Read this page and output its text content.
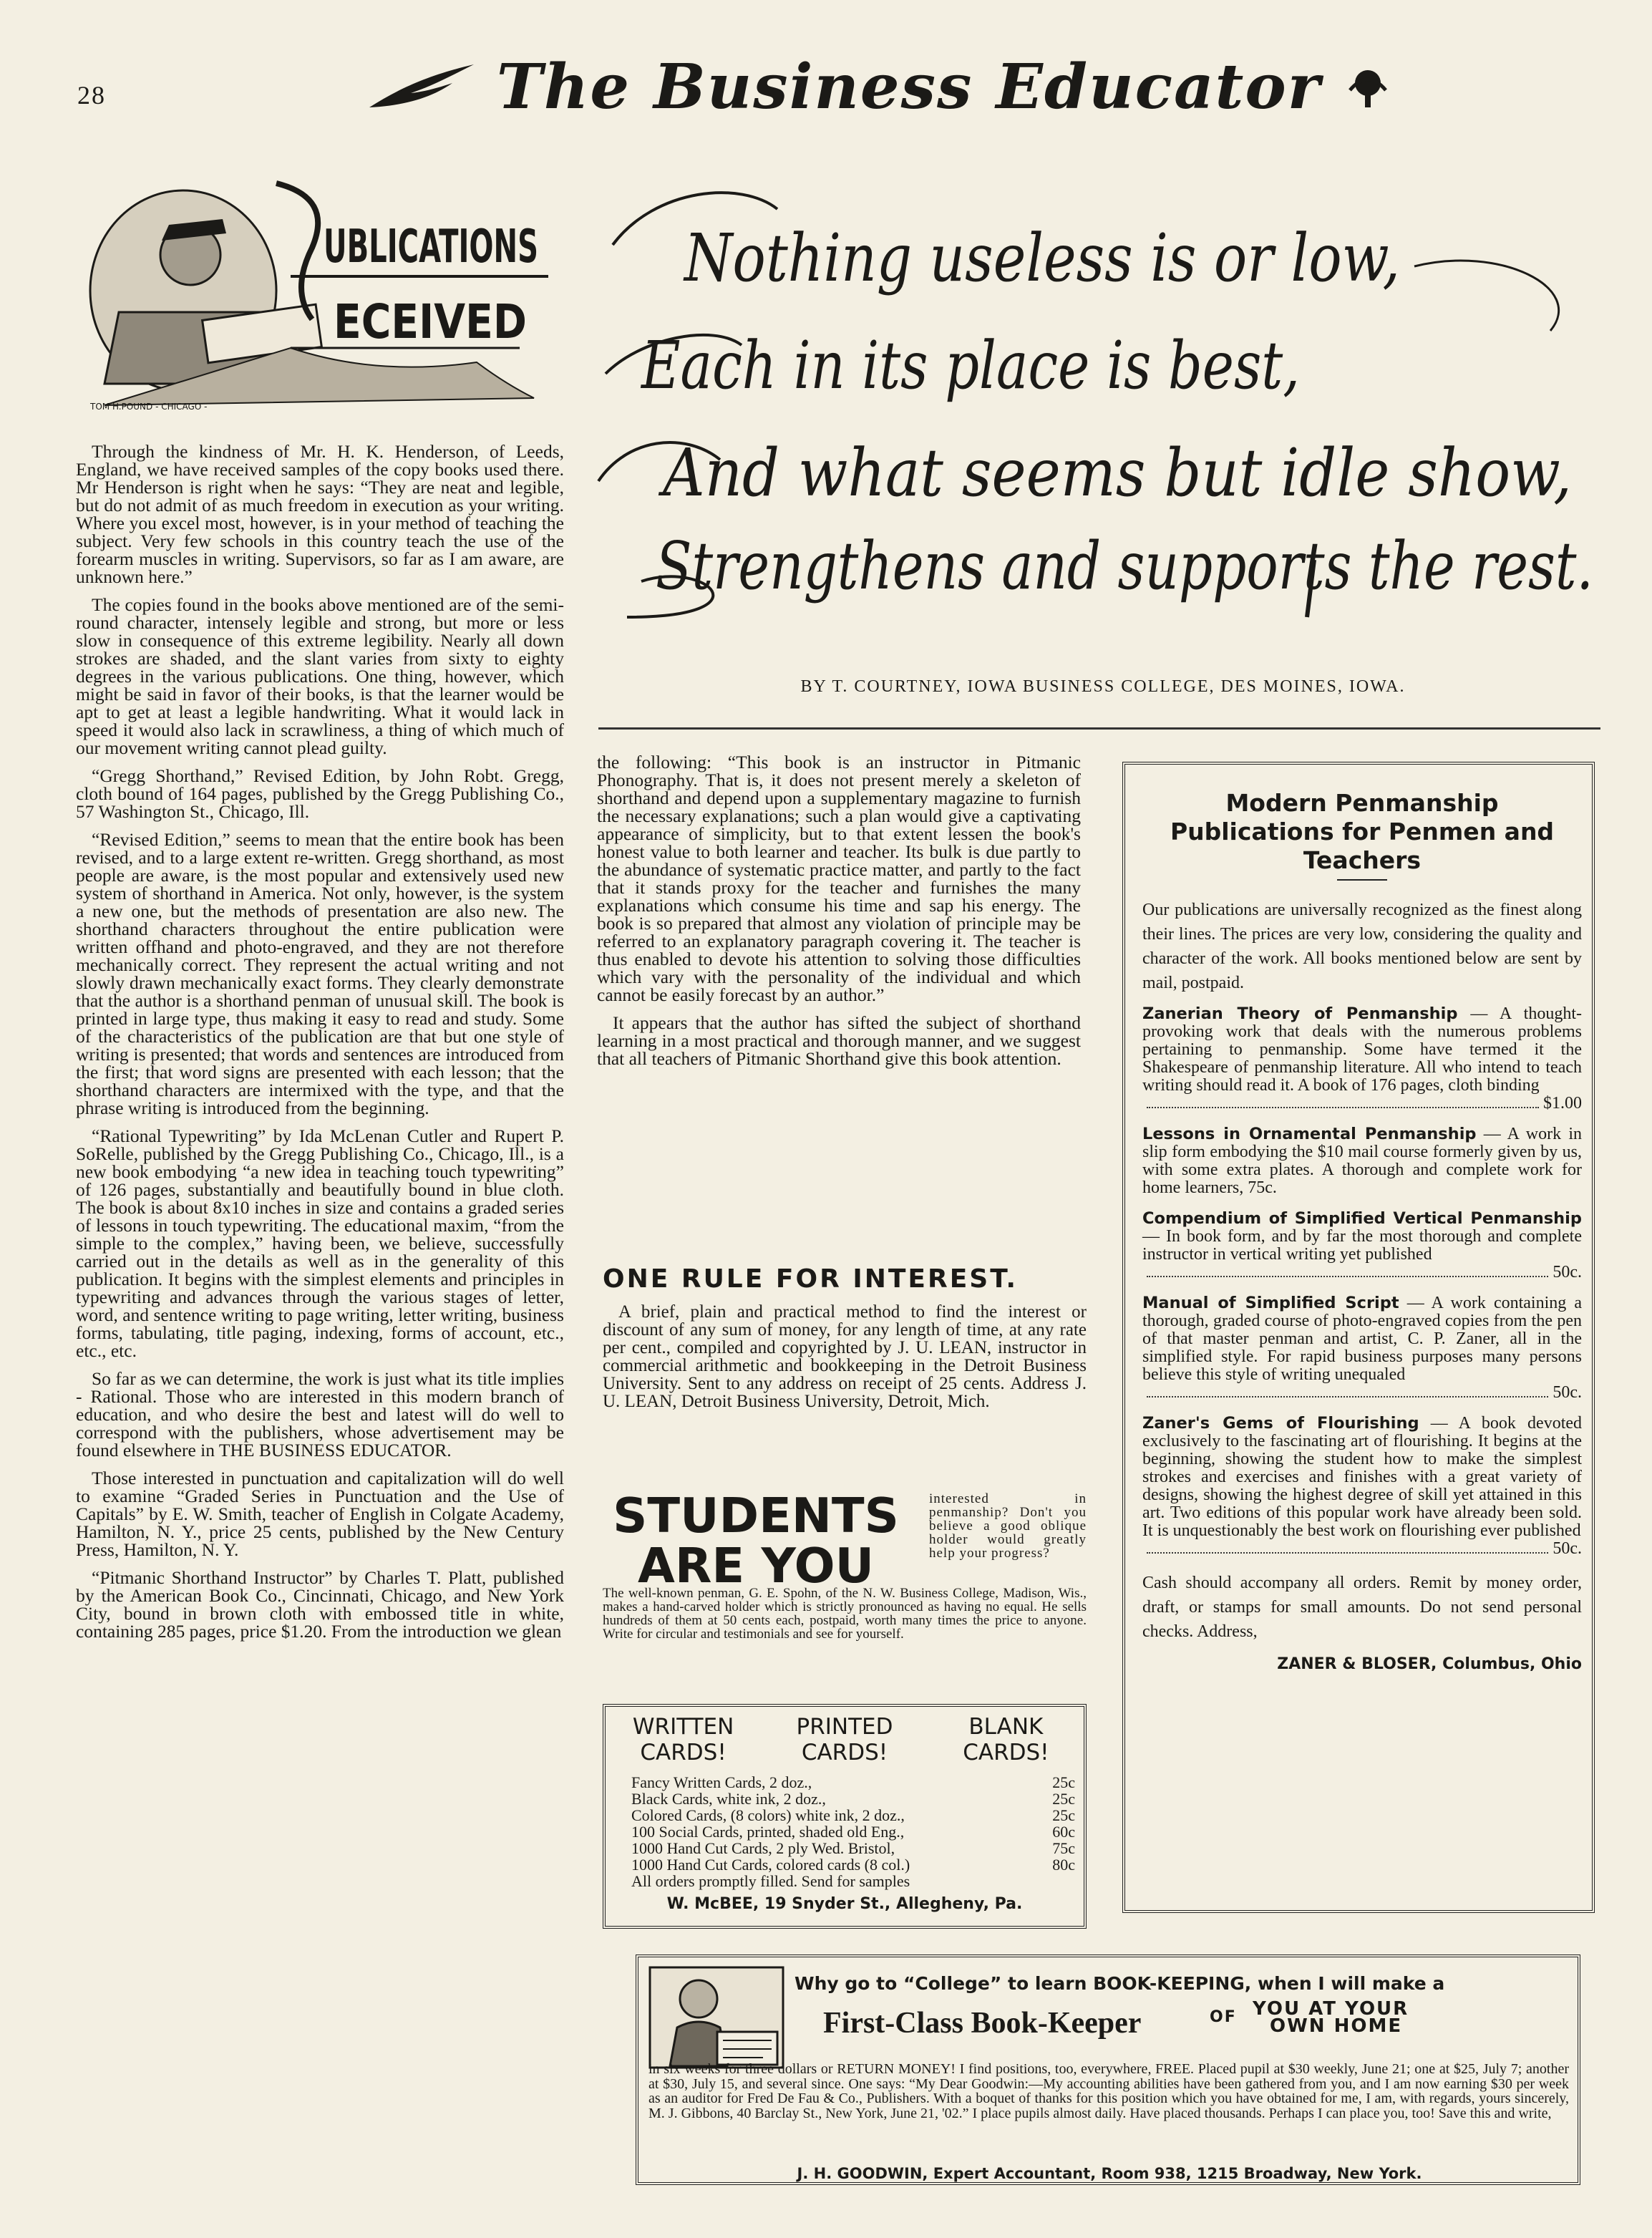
28	The Business Educator
UBLICATIONS
ECEIVED
TOM H.POUND - CHICAGO -
Nothing useless is or low,
Each in its place is best,
And what seems but idle show,
Strengthens and supports the rest.
BY T. COURTNEY, IOWA BUSINESS COLLEGE, DES MOINES, IOWA.

Through the kindness of Mr. H. K. Henderson, of Leeds, England, we have received samples of the copy books used there. Mr Henderson is right when he says: “They are neat and legible, but do not admit of as much freedom in execution as your writing. Where you excel most, however, is in your method of teaching the subject. Very few schools in this country teach the use of the forearm muscles in writing. Supervisors, so far as I am aware, are unknown here.”

The copies found in the books above mentioned are of the semi-round character, intensely legible and strong, but more or less slow in consequence of this extreme legibility. Nearly all down strokes are shaded, and the slant varies from sixty to eighty degrees in the various publications. One thing, however, which might be said in favor of their books, is that the learner would be apt to get at least a legible handwriting. What it would lack in speed it would also lack in scrawliness, a thing of which much of our movement writing cannot plead guilty.

“Gregg Shorthand,” Revised Edition, by John Robt. Gregg, cloth bound of 164 pages, published by the Gregg Publishing Co., 57 Washington St., Chicago, Ill.

“Revised Edition,” seems to mean that the entire book has been revised, and to a large extent re-written. Gregg shorthand, as most people are aware, is the most popular and extensively used new system of shorthand in America. Not only, however, is the system a new one, but the methods of presentation are also new. The shorthand characters throughout the entire publication were written offhand and photo-engraved, and they are not therefore mechanically correct. They represent the actual writing and not slowly drawn mechanically exact forms. They clearly demonstrate that the author is a shorthand penman of unusual skill. The book is printed in large type, thus making it easy to read and study. Some of the characteristics of the publication are that but one style of writing is presented; that words and sentences are introduced from the first; that word signs are presented with each lesson; that the shorthand characters are intermixed with the type, and that the phrase writing is introduced from the beginning.

“Rational Typewriting” by Ida McLenan Cutler and Rupert P. SoRelle, published by the Gregg Publishing Co., Chicago, Ill., is a new book embodying “a new idea in teaching touch typewriting” of 126 pages, substantially and beautifully bound in blue cloth. The book is about 8x10 inches in size and contains a graded series of lessons in touch typewriting. The educational maxim, “from the simple to the complex,” having been, we believe, successfully carried out in the details as well as in the generality of this publication. It begins with the simplest elements and principles in typewriting and advances through the various stages of letter, word, and sentence writing to page writing, letter writing, business forms, tabulating, title paging, indexing, forms of account, etc., etc., etc.

So far as we can determine, the work is just what its title implies - Rational. Those who are interested in this modern branch of education, and who desire the best and latest will do well to correspond with the publishers, whose advertisement may be found elsewhere in THE BUSINESS EDUCATOR.

Those interested in punctuation and capitalization will do well to examine “Graded Series in Punctuation and the Use of Capitals” by E. W. Smith, teacher of English in Colgate Academy, Hamilton, N. Y., price 25 cents, published by the New Century Press, Hamilton, N. Y.

“Pitmanic Shorthand Instructor” by Charles T. Platt, published by the American Book Co., Cincinnati, Chicago, and New York City, bound in brown cloth with embossed title in white, containing 285 pages, price $1.20. From the introduction we glean

the following: “This book is an instructor in Pitmanic Phonography. That is, it does not present merely a skeleton of shorthand and depend upon a supplementary magazine to furnish the necessary explanations; such a plan would give a captivating appearance of simplicity, but to that extent lessen the book's honest value to both learner and teacher. Its bulk is due partly to the abundance of systematic practice matter, and partly to the fact that it stands proxy for the teacher and furnishes the many explanations which consume his time and sap his energy. The book is so prepared that almost any violation of principle may be referred to an explanatory paragraph covering it. The teacher is thus enabled to devote his attention to solving those difficulties which vary with the personality of the individual and which cannot be easily forecast by an author.”

It appears that the author has sifted the subject of shorthand learning in a most practical and thorough manner, and we suggest that all teachers of Pitmanic Shorthand give this book attention.

ONE RULE FOR INTEREST.
A brief, plain and practical method to find the interest or discount of any sum of money, for any length of time, at any rate per cent., compiled and copyrighted by J. U. LEAN, instructor in commercial arithmetic and bookkeeping in the Detroit Business University. Sent to any address on receipt of 25 cents. Address J. U. LEAN, Detroit Business University, Detroit, Mich.
STUDENTS
ARE YOU
interested in penmanship? Don't you believe a good oblique holder would greatly help your progress?
The well-known penman, G. E. Spohn, of the N. W. Business College, Madison, Wis., makes a hand-carved holder which is strictly pronounced as having no equal. He sells hundreds of them at 50 cents each, postpaid, worth many times the price to anyone. Write for circular and testimonials and see for yourself.
WRITTEN CARDS!
PRINTED CARDS!
BLANK CARDS!
Fancy Written Cards, 2 doz.,	25c
Black Cards, white ink, 2 doz.,	25c
Colored Cards, (8 colors) white ink, 2 doz.,	25c
100 Social Cards, printed, shaded old Eng.,	60c
1000 Hand Cut Cards, 2 ply Wed. Bristol,	75c
1000 Hand Cut Cards, colored cards (8 col.)	80c
All orders promptly filled. Send for samples
W. McBEE, 19 Snyder St., Allegheny, Pa.
Modern Penmanship Publications for Penmen and Teachers
Our publications are universally recognized as the finest along their lines. The prices are very low, considering the quality and character of the work. All books mentioned below are sent by mail, postpaid.
Zanerian Theory of Penmanship — A thought-provoking work that deals with the numerous problems pertaining to penmanship. Some have termed it the Shakespeare of penmanship literature. All who intend to teach writing should read it. A book of 176 pages, cloth binding
$1.00
Lessons in Ornamental Penmanship — A work in slip form embodying the $10 mail course formerly given by us, with some extra plates. A thorough and complete work for home learners, 75c.
Compendium of Simplified Vertical Penmanship — In book form, and by far the most thorough and complete instructor in vertical writing yet published
50c.
Manual of Simplified Script — A work containing a thorough, graded course of photo-engraved copies from the pen of that master penman and artist, C. P. Zaner, all in the simplified style. For rapid business purposes many persons believe this style of writing unequaled
50c.
Zaner's Gems of Flourishing — A book devoted exclusively to the fascinating art of flourishing. It begins at the beginning, showing the student how to make the simplest strokes and exercises and finishes with a great variety of designs, showing the highest degree of skill yet attained in this art. Two editions of this popular work have already been sold. It is unquestionably the best work on flourishing ever published
50c.
Cash should accompany all orders. Remit by money order, draft, or stamps for small amounts. Do not send personal checks. Address,
ZANER & BLOSER, Columbus, Ohio
Why go to “College” to learn BOOK-KEEPING, when I will make a
First-Class Book-Keeper	OF YOU AT YOUR
OWN HOME
in six weeks for three dollars or RETURN MONEY! I find positions, too, everywhere, FREE. Placed pupil at $30 weekly, June 21; one at $25, July 7; another at $30, July 15, and several since. One says: “My Dear Goodwin:—My accounting abilities have been gathered from you, and I am now earning $30 per week as an auditor for Fred De Fau & Co., Publishers. With a boquet of thanks for this position which you have obtained for me, I am, with regards, yours sincerely, M. J. Gibbons, 40 Barclay St., New York, June 21, '02.” I place pupils almost daily. Have placed thousands. Perhaps I can place you, too! Save this and write,
J. H. GOODWIN, Expert Accountant, Room 938, 1215 Broadway, New York.
